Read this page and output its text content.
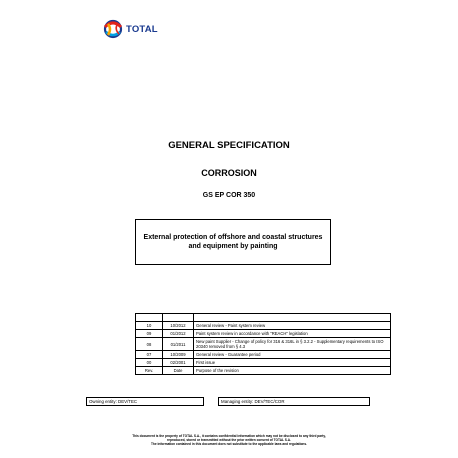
TOTAL
GENERAL SPECIFICATION
CORROSION
GS EP COR 350
External protection of offshore and coastal structures and equipment by painting

10	10/2012	General review - Paint system review
09	01/2012	Paint system review in accordance with "REACH" legislation
08	01/2011	New paint Supplier - Change of policy for 316 & 316L in § 3.2.2 - Supplementary requirements to ISO 20340 removed from § 4.3
07	10/2009	General review - Guarantee period
00	02/2001	First issue
Rev.	Date	Purpose of the revision
Owning entity: DEV/TEC		Managing entity: DEV/TEC/COR
This document is the property of TOTAL S.A., it contains confidential information which may not be disclosed to any third party,
reproduced, stored or transmitted without the prior written consent of TOTAL S.A.
The information contained in this document does not substitute to the applicable laws and regulations.
